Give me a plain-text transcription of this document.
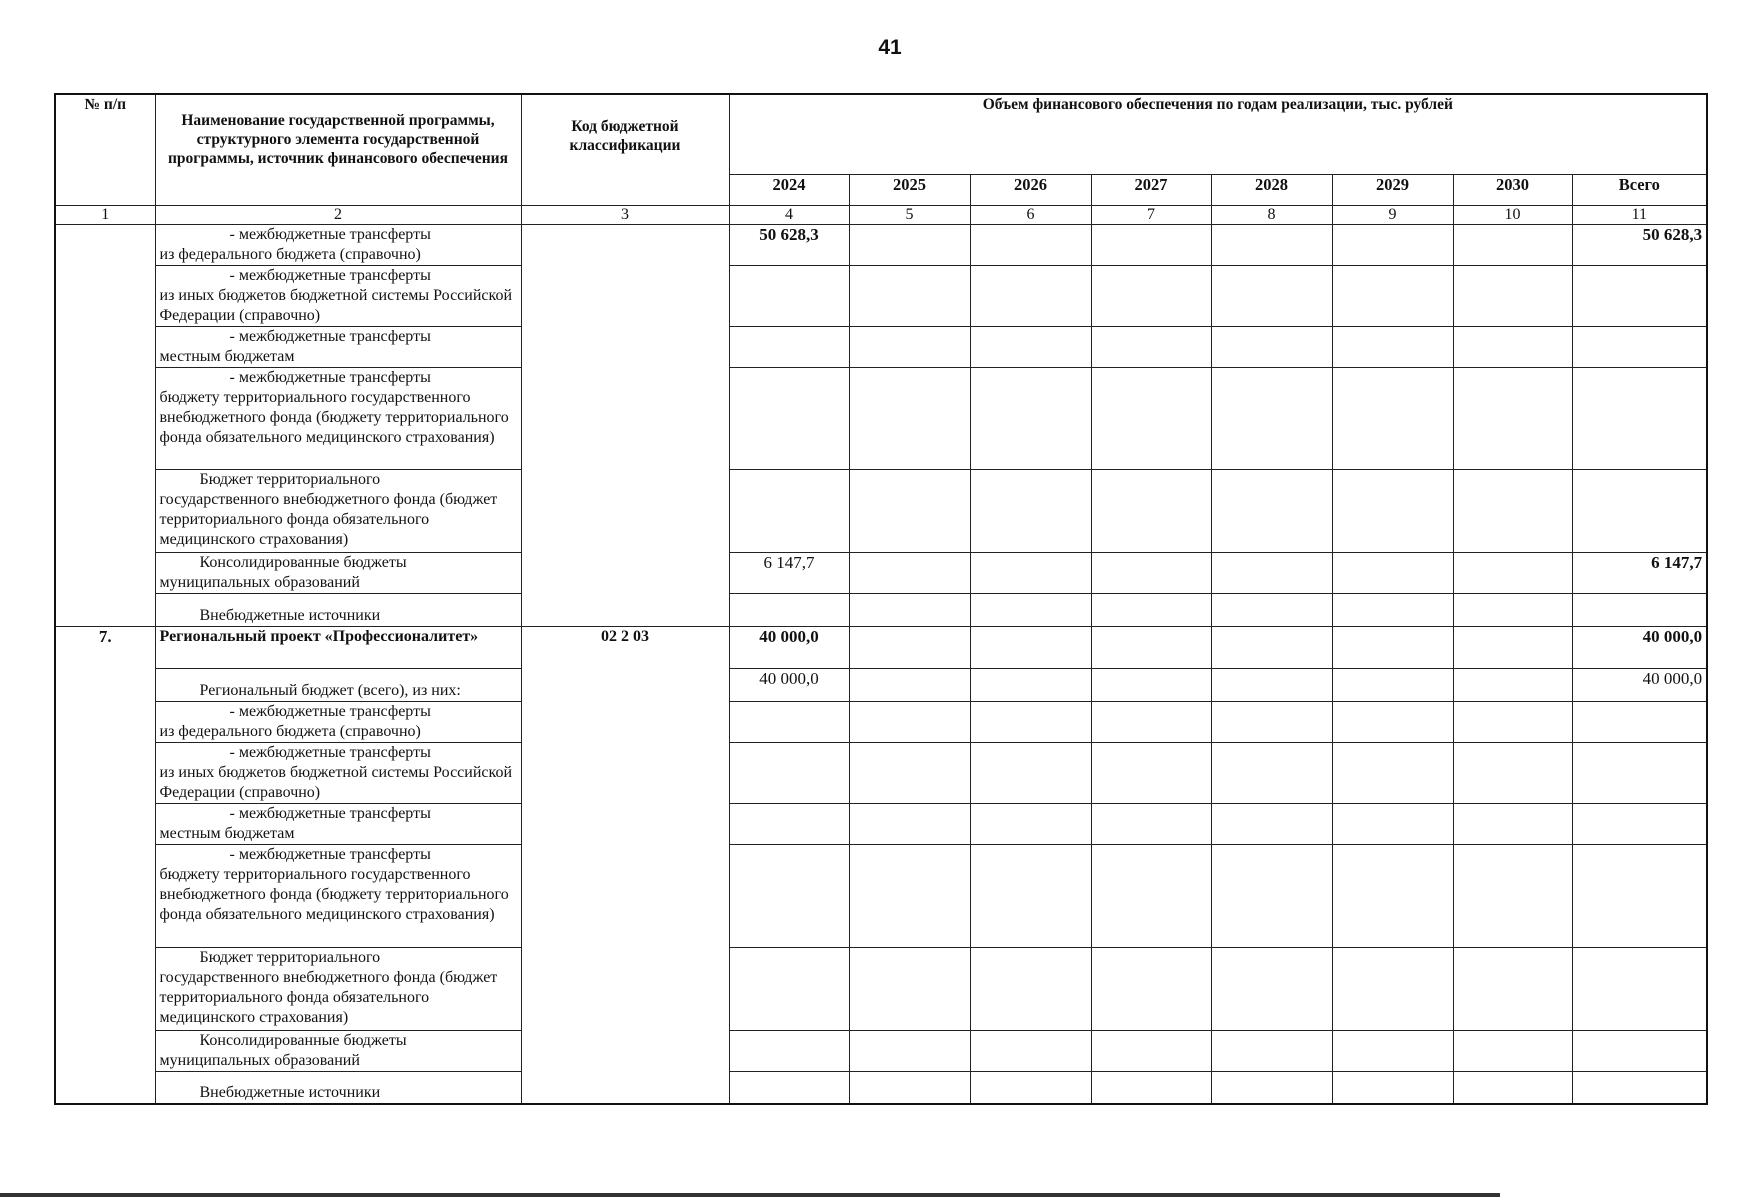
41
№ п/п	Наименование государственной программы, структурного элемента государственной программы, источник финансового обеспечения	Код бюджетной классификации	Объем финансового обеспечения по годам реализации, тыс. рублей							
			2024	2025	2026	2027	2028	2029	2030	Всего
1	2	3	4	5	6	7	8	9	10	11

	- межбюджетные трансферты
из федерального бюджета (справочно)		50 628,3							50 628,3

	- межбюджетные трансферты
из иных бюджетов бюджетной системы Российской Федерации (справочно)									

	- межбюджетные трансферты
местным бюджетам									

	- межбюджетные трансферты
бюджету территориального государственного внебюджетного фонда (бюджету территориального фонда обязательного медицинского страхования)									

	Бюджет территориального
государственного внебюджетного фонда (бюджет территориального фонда обязательного медицинского страхования)									

	Консолидированные бюджеты
муниципальных образований		6 147,7							6 147,7

	Внебюджетные источники									

7.	Региональный проект «Профессионалитет»	02 2 03	40 000,0							40 000,0

	Региональный бюджет (всего), из них:		40 000,0							40 000,0

	- межбюджетные трансферты
из федерального бюджета (справочно)									

	- межбюджетные трансферты
из иных бюджетов бюджетной системы Российской Федерации (справочно)									

	- межбюджетные трансферты
местным бюджетам									

	- межбюджетные трансферты
бюджету территориального государственного внебюджетного фонда (бюджету территориального фонда обязательного медицинского страхования)									

	Бюджет территориального
государственного внебюджетного фонда (бюджет территориального фонда обязательного медицинского страхования)									

	Консолидированные бюджеты
муниципальных образований									

	Внебюджетные источники									
